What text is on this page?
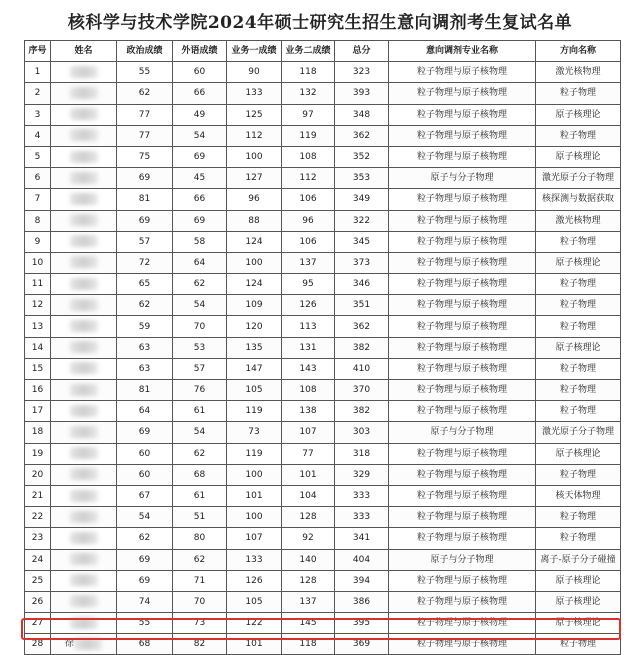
核科学与技术学院2024年硕士研究生招生意向调剂考生复试名单
序号	姓名	政治成绩	外语成绩	业务一成绩	业务二成绩	总分	意向调剂专业名称	方向名称
1		55	60	90	118	323	粒子物理与原子核物理	激光核物理
2		62	66	133	132	393	粒子物理与原子核物理	粒子物理
3		77	49	125	97	348	粒子物理与原子核物理	原子核理论
4		77	54	112	119	362	粒子物理与原子核物理	粒子物理
5		75	69	100	108	352	粒子物理与原子核物理	原子核理论
6		69	45	127	112	353	原子与分子物理	激光原子分子物理
7		81	66	96	106	349	粒子物理与原子核物理	核探测与数据获取
8		69	69	88	96	322	粒子物理与原子核物理	激光核物理
9		57	58	124	106	345	粒子物理与原子核物理	粒子物理
10		72	64	100	137	373	粒子物理与原子核物理	原子核理论
11		65	62	124	95	346	粒子物理与原子核物理	粒子物理
12		62	54	109	126	351	粒子物理与原子核物理	粒子物理
13		59	70	120	113	362	粒子物理与原子核物理	粒子物理
14		63	53	135	131	382	粒子物理与原子核物理	原子核理论
15		63	57	147	143	410	粒子物理与原子核物理	粒子物理
16		81	76	105	108	370	粒子物理与原子核物理	粒子物理
17		64	61	119	138	382	粒子物理与原子核物理	粒子物理
18		69	54	73	107	303	原子与分子物理	激光原子分子物理
19		60	62	119	77	318	粒子物理与原子核物理	原子核理论
20		60	68	100	101	329	粒子物理与原子核物理	粒子物理
21		67	61	101	104	333	粒子物理与原子核物理	核天体物理
22		54	51	100	128	333	粒子物理与原子核物理	粒子物理
23		62	80	107	92	341	粒子物理与原子核物理	粒子物理
24		69	62	133	140	404	原子与分子物理	离子-原子分子碰撞
25		69	71	126	128	394	粒子物理与原子核物理	原子核理论
26		74	70	105	137	386	粒子物理与原子核物理	原子核理论
27		55	73	122	145	395	粒子物理与原子核物理	原子核理论
28	徐	68	82	101	118	369	粒子物理与原子核物理	粒子物理
